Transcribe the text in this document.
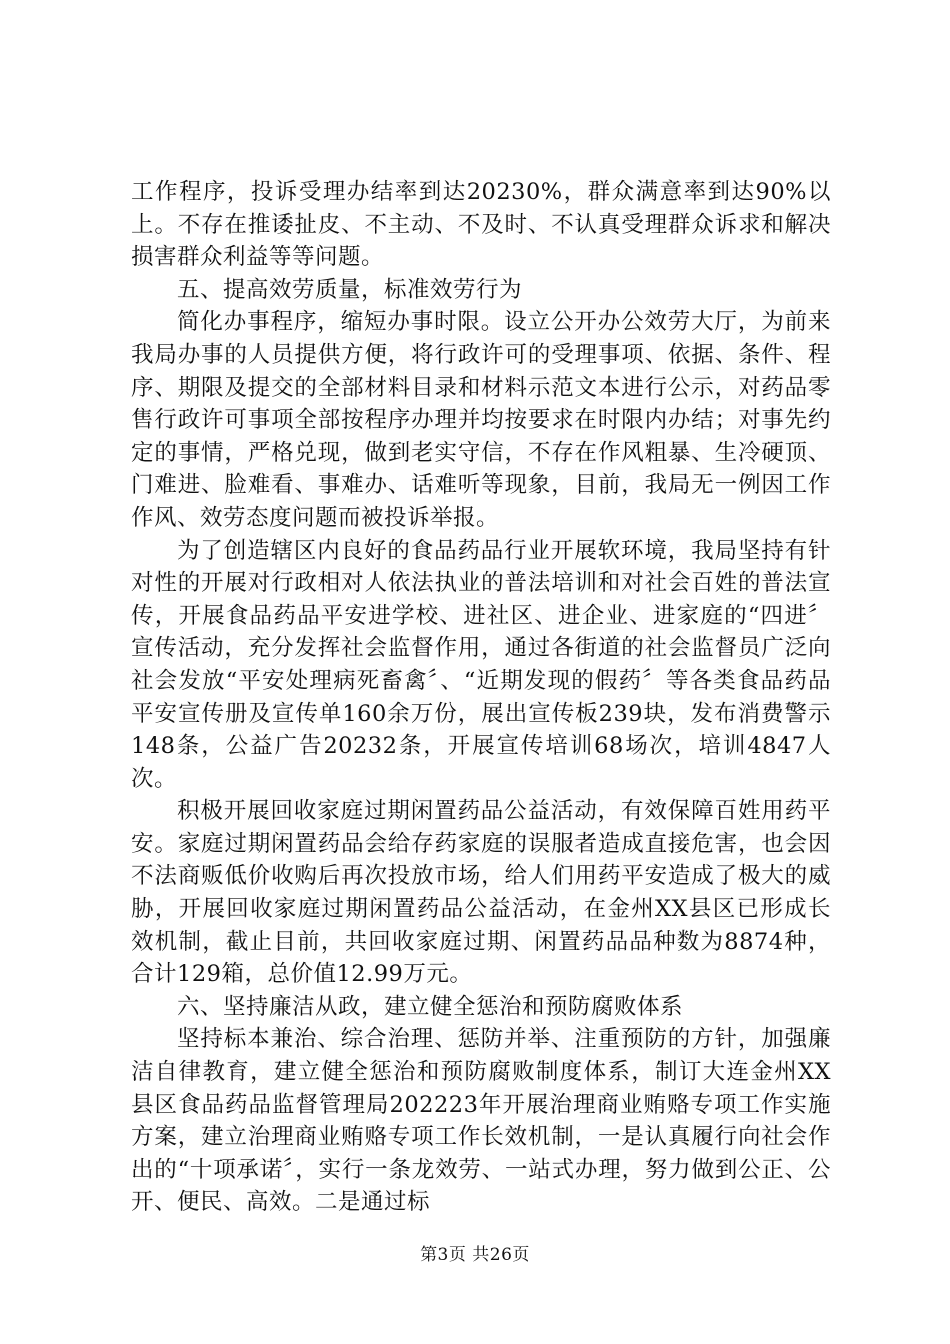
工作程序，投诉受理办结率到达20230%，群众满意率到达90%以上。不存在推诿扯皮、不主动、不及时、不认真受理群众诉求和解决损害群众利益等等问题。

五、提高效劳质量，标准效劳行为

简化办事程序，缩短办事时限。设立公开办公效劳大厅，为前来我局办事的人员提供方便，将行政许可的受理事项、依据、条件、程序、期限及提交的全部材料目录和材料示范文本进行公示，对药品零售行政许可事项全部按程序办理并均按要求在时限内办结；对事先约定的事情，严格兑现，做到老实守信，不存在作风粗暴、生冷硬顶、门难进、脸难看、事难办、话难听等现象，目前，我局无一例因工作作风、效劳态度问题而被投诉举报。

为了创造辖区内良好的食品药品行业开展软环境，我局坚持有针对性的开展对行政相对人依法执业的普法培训和对社会百姓的普法宣传，开展食品药品平安进学校、进社区、进企业、进家庭的“四进〞宣传活动，充分发挥社会监督作用，通过各街道的社会监督员广泛向社会发放“平安处理病死畜禽〞、“近期发现的假药〞等各类食品药品平安宣传册及宣传单160余万份，展出宣传板239块，发布消费警示148条，公益广告20232条，开展宣传培训68场次，培训4847人次。

积极开展回收家庭过期闲置药品公益活动，有效保障百姓用药平安。家庭过期闲置药品会给存药家庭的误服者造成直接危害，也会因不法商贩低价收购后再次投放市场，给人们用药平安造成了极大的威胁，开展回收家庭过期闲置药品公益活动，在金州XX县区已形成长效机制，截止目前，共回收家庭过期、闲置药品品种数为8874种，合计129箱，总价值12.99万元。

六、坚持廉洁从政，建立健全惩治和预防腐败体系

坚持标本兼治、综合治理、惩防并举、注重预防的方针，加强廉洁自律教育，建立健全惩治和预防腐败制度体系，制订大连金州XX县区食品药品监督管理局202223年开展治理商业贿赂专项工作实施方案，建立治理商业贿赂专项工作长效机制，一是认真履行向社会作出的“十项承诺〞，实行一条龙效劳、一站式办理，努力做到公正、公开、便民、高效。二是通过标

第3页 共26页
